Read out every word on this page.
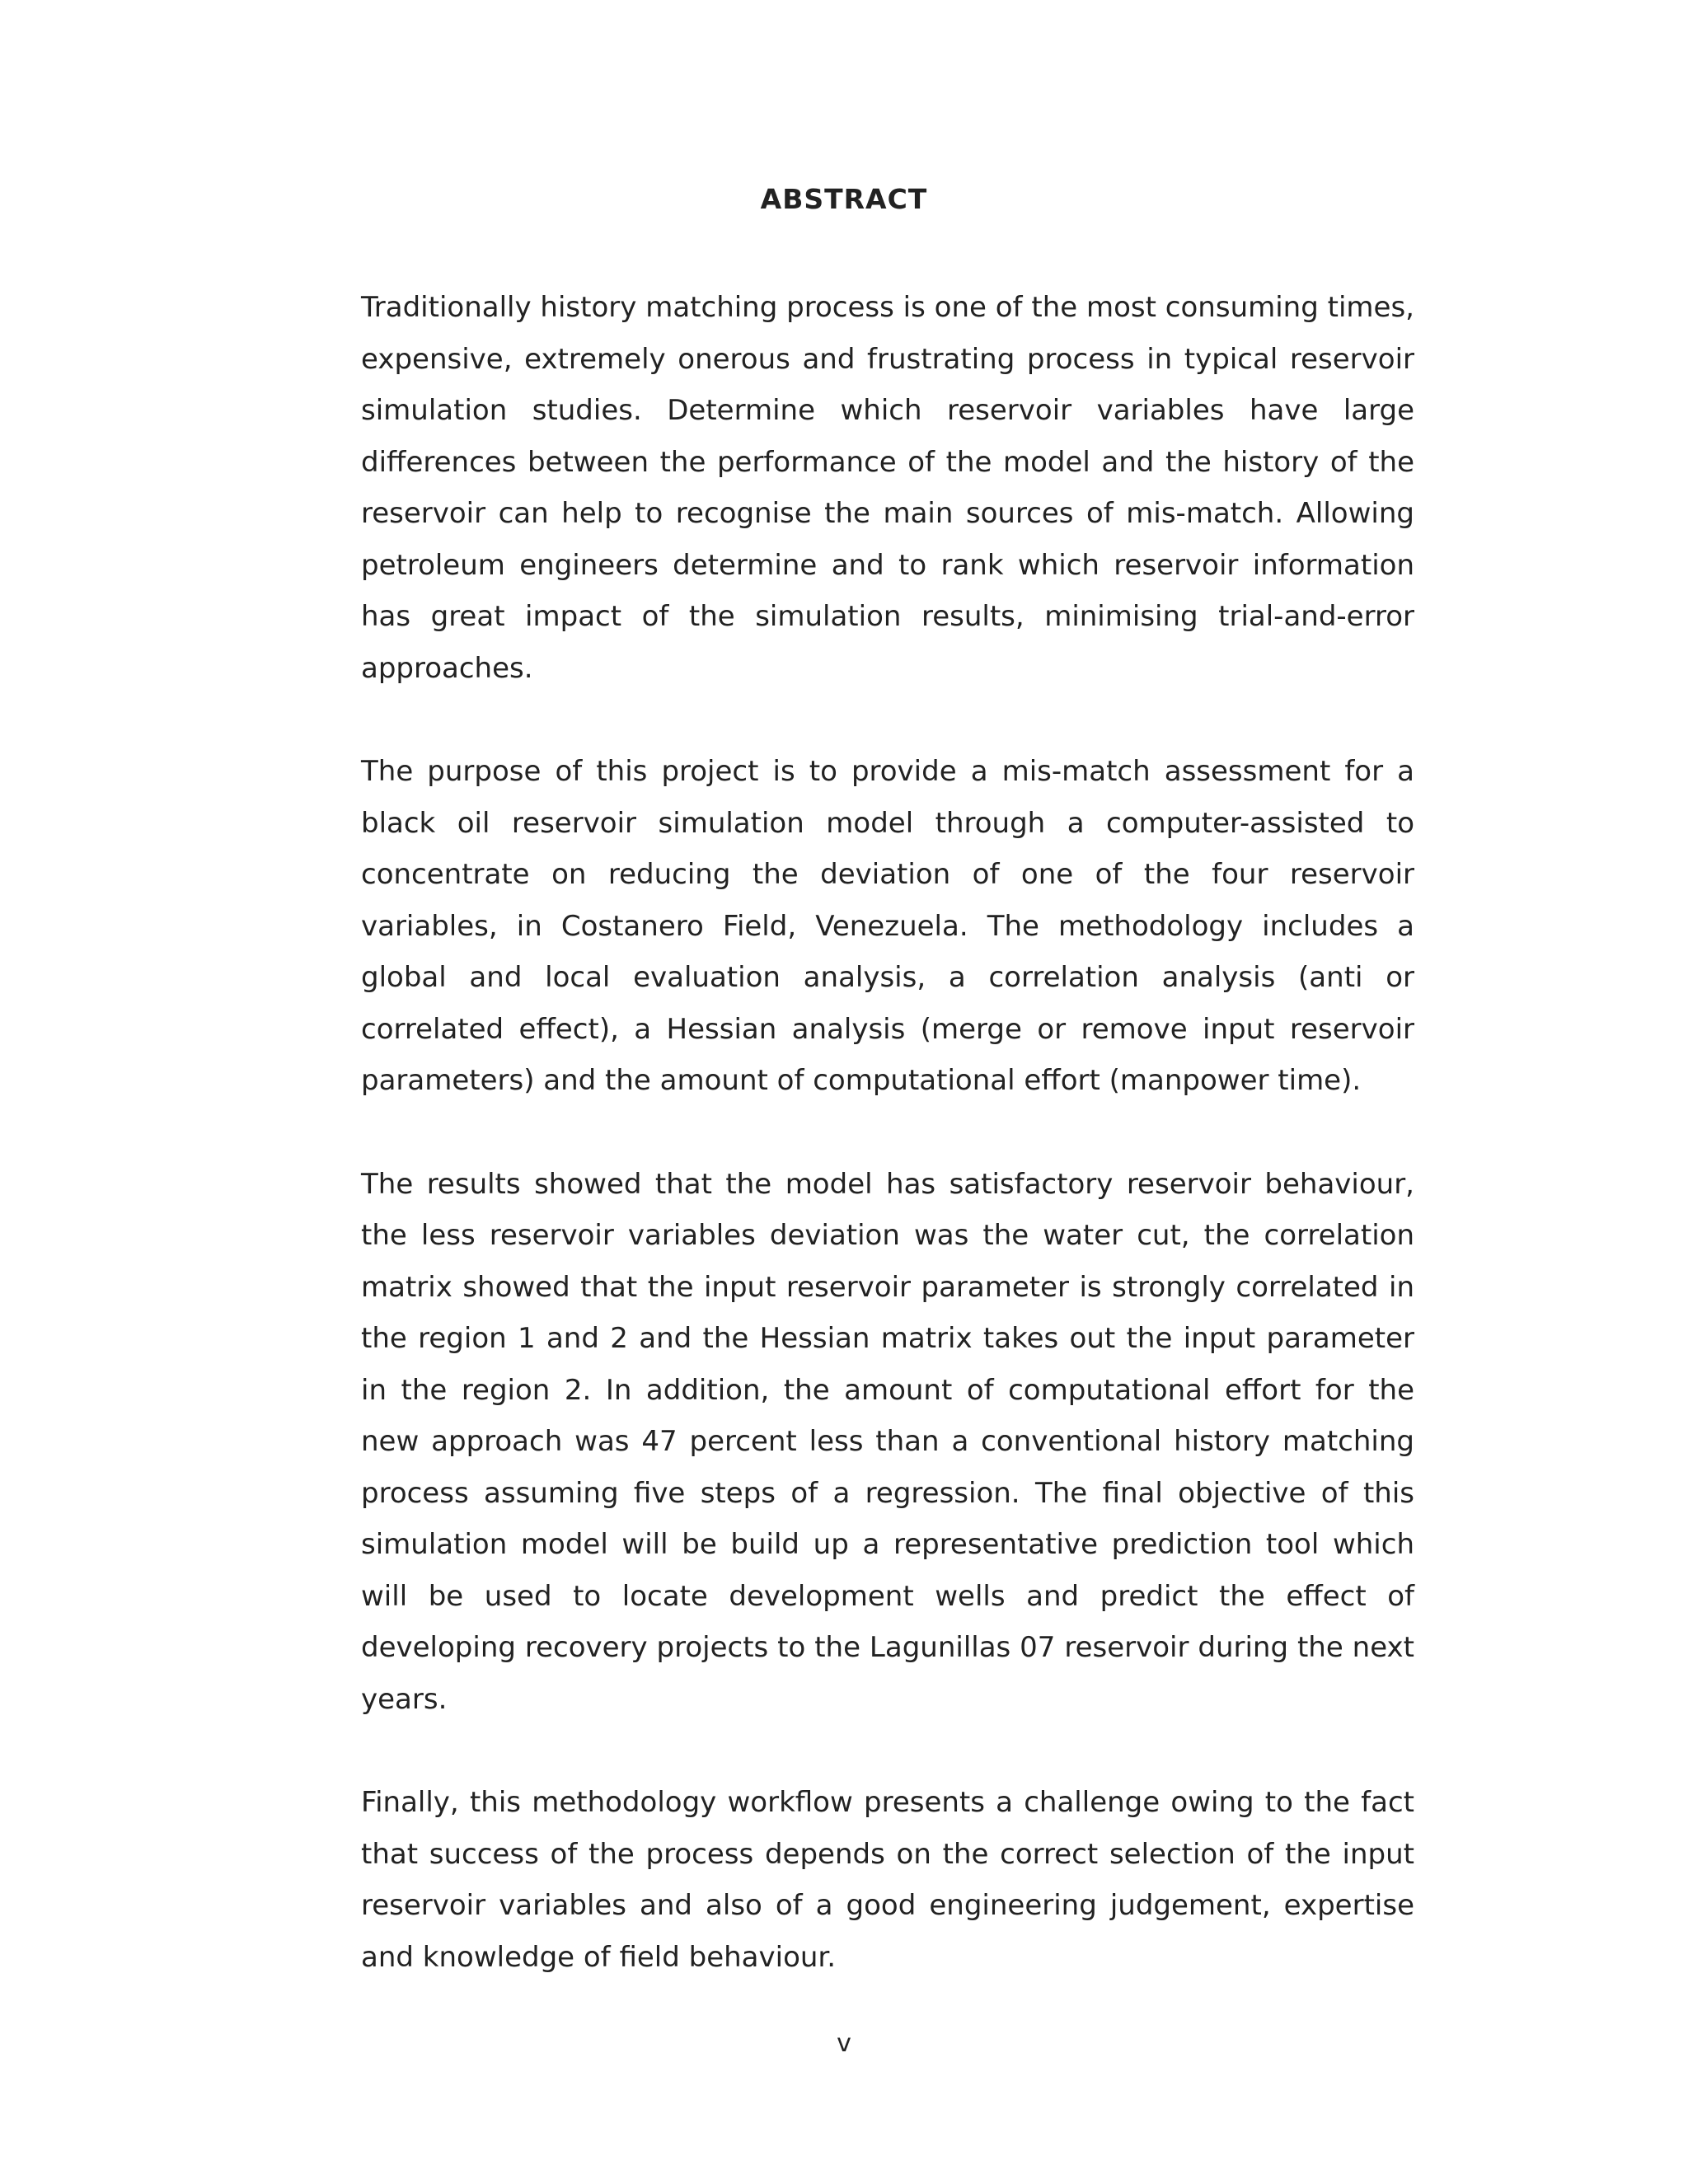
ABSTRACT

Traditionally history matching process is one of the most consuming times, expensive, extremely onerous and frustrating process in typical reservoir simulation studies. Determine which reservoir variables have large differences between the performance of the model and the history of the reservoir can help to recognise the main sources of mis-match. Allowing petroleum engineers determine and to rank which reservoir information has great impact of the simulation results, minimising trial-and-error approaches.

The purpose of this project is to provide a mis-match assessment for a black oil reservoir simulation model through a computer-assisted to concentrate on reducing the deviation of one of the four reservoir variables, in Costanero Field, Venezuela. The methodology includes a global and local evaluation analysis, a correlation analysis (anti or correlated effect), a Hessian analysis (merge or remove input reservoir parameters) and the amount of computational effort (manpower time).

The results showed that the model has satisfactory reservoir behaviour, the less reservoir variables deviation was the water cut, the correlation matrix showed that the input reservoir parameter is strongly correlated in the region 1 and 2 and the Hessian matrix takes out the input parameter in the region 2. In addition, the amount of computational effort for the new approach was 47 percent less than a conventional history matching process assuming five steps of a regression. The final objective of this simulation model will be build up a representative prediction tool which will be used to locate development wells and predict the effect of developing recovery projects to the Lagunillas 07 reservoir during the next years.

Finally, this methodology workflow presents a challenge owing to the fact that success of the process depends on the correct selection of the input reservoir variables and also of a good engineering judgement, expertise and knowledge of field behaviour.

v
